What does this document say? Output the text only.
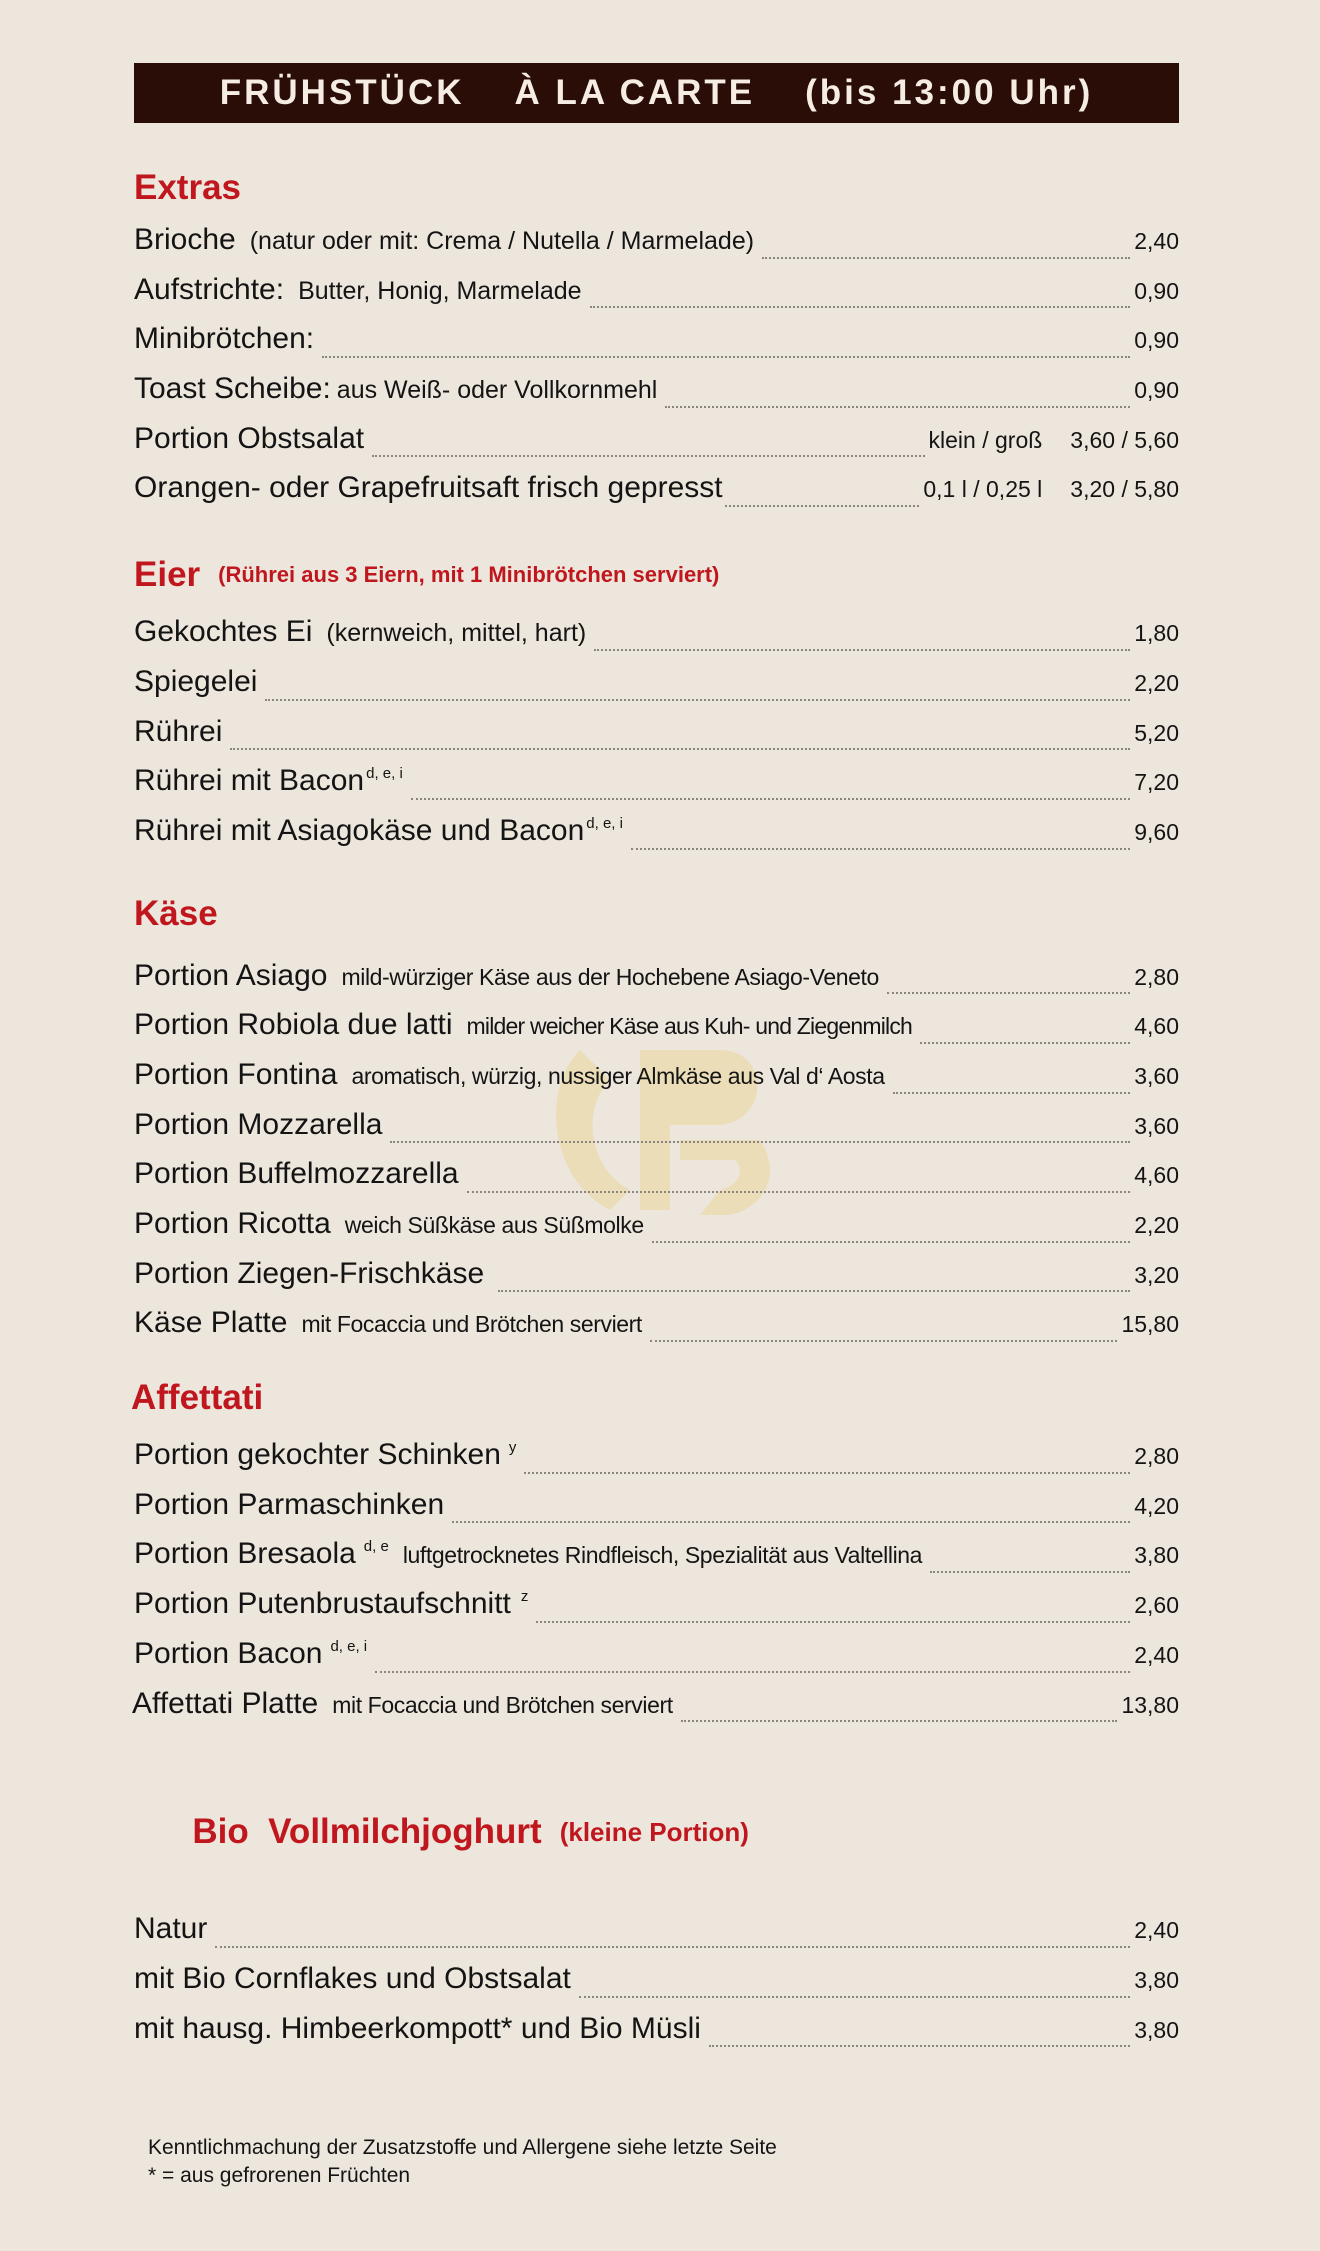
FRÜHSTÜCK À LA CARTE (bis 13:00 Uhr)
Extras
Brioche (natur oder mit: Crema / Nutella / Marmelade)	2,40
Aufstrichte: Butter, Honig, Marmelade	0,90
Minibrötchen:	0,90
Toast Scheibe: aus Weiß- oder Vollkornmehl	0,90
Portion Obstsalat	klein / groß 3,60 / 5,60
Orangen- oder Grapefruitsaft frisch gepresst	0,1 l / 0,25 l 3,20 / 5,80
Eier (Rührei aus 3 Eiern, mit 1 Minibrötchen serviert)
Gekochtes Ei (kernweich, mittel, hart)	1,80
Spiegelei	2,20
Rührei	5,20
Rührei mit Bacon $^{d, e, i}$	7,20
Rührei mit Asiagokäse und Bacon $^{d, e, i}$	9,60
Käse
Portion Asiago mild-würziger Käse aus der Hochebene Asiago-Veneto	2,80
Portion Robiola due latti milder weicher Käse aus Kuh- und Ziegenmilch	4,60
Portion Fontina aromatisch, würzig, nussiger Almkäse aus Val d‘ Aosta	3,60
Portion Mozzarella	3,60
Portion Buffelmozzarella	4,60
Portion Ricotta weich Süßkäse aus Süßmolke	2,20
Portion Ziegen-Frischkäse	3,20
Käse Platte mit Focaccia und Brötchen serviert	15,80
Affettati
Portion gekochter Schinken $^y$	2,80
Portion Parmaschinken	4,20
Portion Bresaola $^{d, e}$ luftgetrocknetes Rindfleisch, Spezialität aus Valtellina	3,80
Portion Putenbrustaufschnitt $^z$	2,60
Portion Bacon $^{d, e, i}$	2,40
Affettati Platte mit Focaccia und Brötchen serviert	13,80

Bio  Vollmilchjoghurt (kleine Portion)

Natur	2,40
mit Bio Cornflakes und Obstsalat	3,80
mit hausg. Himbeerkompott* und Bio Müsli	3,80
Kenntlichmachung der Zusatzstoffe und Allergene siehe letzte Seite
* = aus gefrorenen Früchten
